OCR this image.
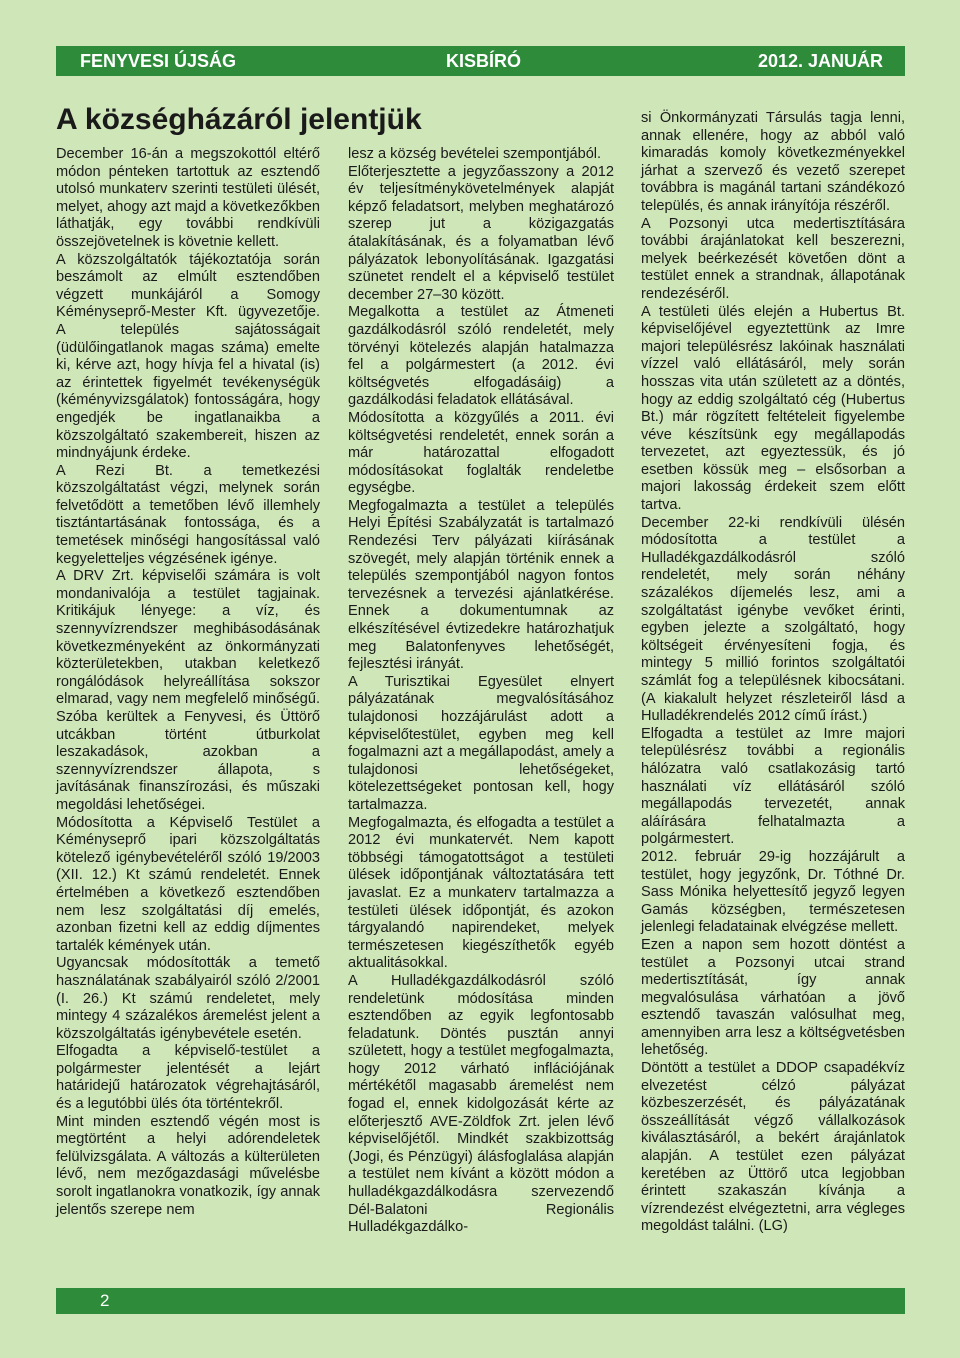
FENYVESI ÚJSÁG	KISBÍRÓ	2012. JANUÁR
A községházáról jelentjük

December 16-án a megszokottól eltérő módon pénteken tartottuk az esztendő utolsó munkaterv szerinti testületi ülését, melyet, ahogy azt majd a következőkben láthatják, egy további rendkívüli összejövetelnek is követnie kellett.

A közszolgáltatók tájékoztatója során beszámolt az elmúlt esztendőben végzett munkájáról a Somogy Kéményseprő-Mester Kft. ügyvezetője. A település sajátosságait (üdülőingatlanok magas száma) emelte ki, kérve azt, hogy hívja fel a hivatal (is) az érintettek figyelmét tevékenységük (kéményvizsgálatok) fontosságára, hogy engedjék be ingatlanaikba a közszolgáltató szakembereit, hiszen az mindnyájunk érdeke.

A Rezi Bt. a temetkezési közszolgáltatást végzi, melynek során felvetődött a temetőben lévő illemhely tisztántartásának fontossága, és a temetések minőségi hangosítással való kegyeletteljes végzésének igénye.

A DRV Zrt. képviselői számára is volt mondanivalója a testület tagjainak. Kritikájuk lényege: a víz, és szennyvízrendszer meghibásodásának következményeként az önkormányzati közterületekben, utakban keletkező rongálódások helyreállítása sokszor elmarad, vagy nem megfelelő minőségű. Szóba kerültek a Fenyvesi, és Üttörő utcákban történt útburkolat leszakadások, azokban a szennyvízrendszer állapota, s javításának finanszírozási, és műszaki megoldási lehetőségei.

Módosította a Képviselő Testület a Kéményseprő ipari közszolgáltatás kötelező igénybevételéről szóló 19/2003 (XII. 12.) Kt számú rendeletét. Ennek értelmében a következő esztendőben nem lesz szolgáltatási díj emelés, azonban fizetni kell az eddig díjmentes tartalék kémények után.

Ugyancsak módosították a temető használatának szabályairól szóló 2/2001 (I. 26.) Kt számú rendeletet, mely mintegy 4 százalékos áremelést jelent a közszolgáltatás igénybevétele esetén.

Elfogadta a képviselő-testület a polgármester jelentését a lejárt határidejű határozatok végrehajtásáról, és a legutóbbi ülés óta történtekről.

Mint minden esztendő végén most is megtörtént a helyi adórendeletek felülvizsgálata. A változás a külterületen lévő, nem mezőgazdasági művelésbe sorolt ingatlanokra vonatkozik, így annak jelentős szerepe nem

lesz a község bevételei szempontjából.

Előterjesztette a jegyzőasszony a 2012 év teljesítménykövetelmények alapját képző feladatsort, melyben meghatározó szerep jut a közigazgatás átalakításának, és a folyamatban lévő pályázatok lebonyolításának. Igazgatási szünetet rendelt el a képviselő testület december 27–30 között.

Megalkotta a testület az Átmeneti gazdálkodásról szóló rendeletét, mely törvényi kötelezés alapján hatalmazza fel a polgármestert (a 2012. évi költségvetés elfogadásáig) a gazdálkodási feladatok ellátásával.

Módosította a közgyűlés a 2011. évi költségvetési rendeletét, ennek során a már határozattal elfogadott módosításokat foglalták rendeletbe egységbe.

Megfogalmazta a testület a település Helyi Építési Szabályzatát is tartalmazó Rendezési Terv pályázati kiírásának szövegét, mely alapján történik ennek a település szempontjából nagyon fontos tervezésnek a tervezési ajánlatkérése. Ennek a dokumentumnak az elkészítésével évtizedekre határozhatjuk meg Balatonfenyves lehetőségét, fejlesztési irányát.

A Turisztikai Egyesület elnyert pályázatának megvalósításához tulajdonosi hozzájárulást adott a képviselőtestület, egyben meg kell fogalmazni azt a megállapodást, amely a tulajdonosi lehetőségeket, kötelezettségeket pontosan kell, hogy tartalmazza.

Megfogalmazta, és elfogadta a testület a 2012 évi munkatervét. Nem kapott többségi támogatottságot a testületi ülések időpontjának változtatására tett javaslat. Ez a munkaterv tartalmazza a testületi ülések időpontját, és azokon tárgyalandó napirendeket, melyek természetesen kiegészíthetők egyéb aktualitásokkal.

A Hulladékgazdálkodásról szóló rendeletünk módosítása minden esztendőben az egyik legfontosabb feladatunk. Döntés pusztán annyi született, hogy a testület megfogalmazta, hogy 2012 várható inflációjának mértékétől magasabb áremelést nem fogad el, ennek kidolgozását kérte az előterjesztő AVE-Zöldfok Zrt. jelen lévő képviselőjétől. Mindkét szakbizottság (Jogi, és Pénzügyi) álásfoglalása alapján a testület nem kívánt a között módon a hulladékgazdálkodásra szervezendő Dél-Balatoni Regionális Hulladékgazdálko-

si Önkormányzati Társulás tagja lenni, annak ellenére, hogy az abból való kimaradás komoly következményekkel járhat a szervező és vezető szerepet továbbra is magánál tartani szándékozó település, és annak irányítója részéről.

A Pozsonyi utca medertisztítására további árajánlatokat kell beszerezni, melyek beérkezését követően dönt a testület ennek a strandnak, állapotának rendezéséről.

A testületi ülés elején a Hubertus Bt. képviselőjével egyeztettünk az Imre majori településrész lakóinak használati vízzel való ellátásáról, mely során hosszas vita után született az a döntés, hogy az eddig szolgáltató cég (Hubertus Bt.) már rögzített feltételeit figyelembe véve készítsünk egy megállapodás tervezetet, azt egyeztessük, és jó esetben kössük meg – elsősorban a majori lakosság érdekeit szem előtt tartva.

December 22-ki rendkívüli ülésén módosította a testület a Hulladékgazdálkodásról szóló rendeletét, mely során néhány százalékos díjemelés lesz, ami a szolgáltatást igénybe vevőket érinti, egyben jelezte a szolgáltató, hogy költségeit érvényesíteni fogja, és mintegy 5 millió forintos szolgáltatói számlát fog a településnek kibocsátani. (A kiakalult helyzet részleteiről lásd a Hulladékrendelés 2012 című írást.)

Elfogadta a testület az Imre majori településrész további a regionális hálózatra való csatlakozásig tartó használati víz ellátásáról szóló megállapodás tervezetét, annak aláírására felhatalmazta a polgármestert.

2012. február 29-ig hozzájárult a testület, hogy jegyzőnk, Dr. Tóthné Dr. Sass Mónika helyettesítő jegyző legyen Gamás községben, természetesen jelenlegi feladatainak elvégzése mellett.

Ezen a napon sem hozott döntést a testület a Pozsonyi utcai strand medertisztítását, így annak megvalósulása várhatóan a jövő esztendő tavaszán valósulhat meg, amennyiben arra lesz a költségvetésben lehetőség.

Döntött a testület a DDOP csapadékvíz elvezetést célzó pályázat közbeszerzését, és pályázatának összeállítását végző vállalkozások kiválasztásáról, a bekért árajánlatok alapján. A testület ezen pályázat keretében az Üttörő utca legjobban érintett szakaszán kívánja a vízrendezést elvégeztetni, arra végleges megoldást találni. (LG)

2
